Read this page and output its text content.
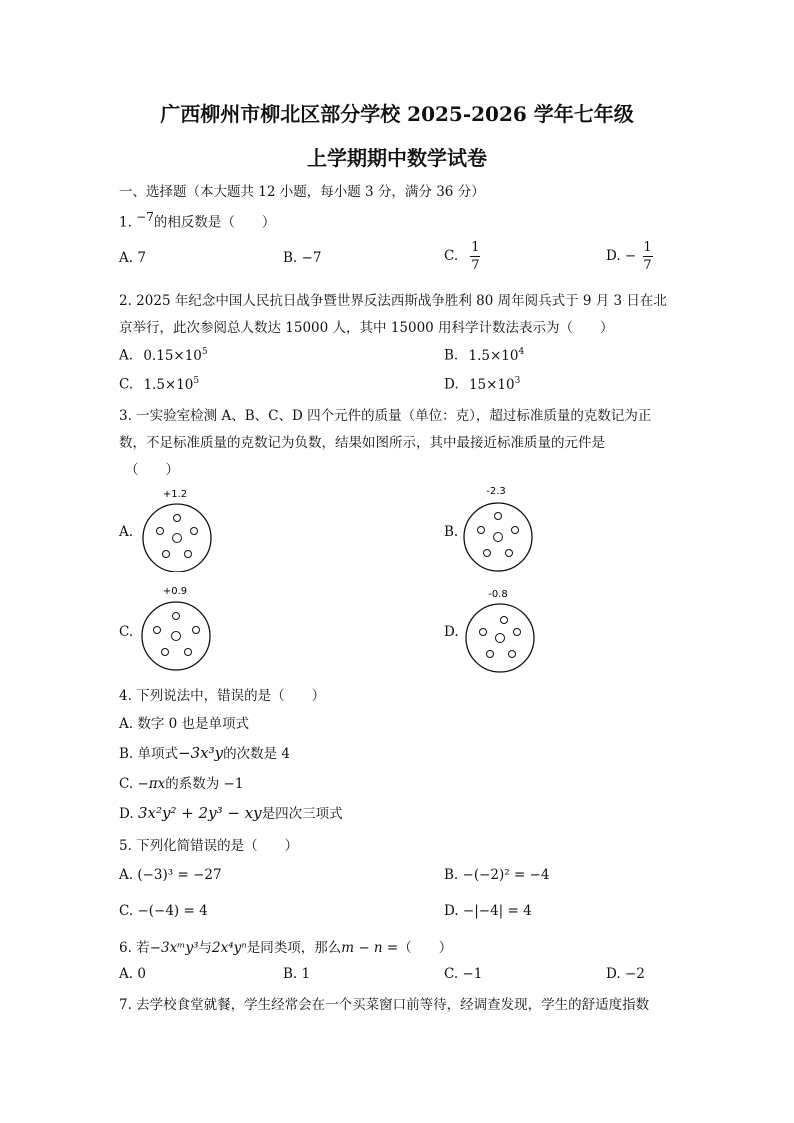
广西柳州市柳北区部分学校 2025-2026 学年七年级
上学期期中数学试卷
一、选择题（本大题共 12 小题，每小题 3 分，满分 36 分）
1. $^{-7}$的相反数是（　　）
A. 7	B. −7	C. $\frac{1}{7}$	D. − $\frac{1}{7}$
2. 2025 年纪念中国人民抗日战争暨世界反法西斯战争胜利 80 周年阅兵式于 9 月 3 日在北
京举行，此次参阅总人数达 15000 人，其中 15000 用科学计数法表示为（　　）
A. $0.15\times 10^5$	B. $1.5\times 10^4$
C. $1.5\times 10^5$	D. $15\times 10^3$
3. 一实验室检测 A、B、C、D 四个元件的质量（单位：克），超过标准质量的克数记为正
数，不足标准质量的克数记为负数，结果如图所示，其中最接近标准质量的元件是
（　　）
A.	B.
C.	D.
+1.2	-2.3
+0.9	-0.8
4. 下列说法中，错误的是（　　）
A. 数字 0 也是单项式
B. 单项式−3x³y的次数是 4
C. −πx的系数为 −1
D. 3x²y² + 2y³ − xy是四次三项式
5. 下列化简错误的是（　　）
A. (−3)³ = −27	B. −(−2)² = −4
C. −(−4) = 4	D. −|−4| = 4
6. 若−3xᵐy³与2x⁴yⁿ是同类项，那么m − n =（　　）
A. 0	B. 1	C. −1	D. −2
7. 去学校食堂就餐，学生经常会在一个买菜窗口前等待，经调查发现，学生的舒适度指数
